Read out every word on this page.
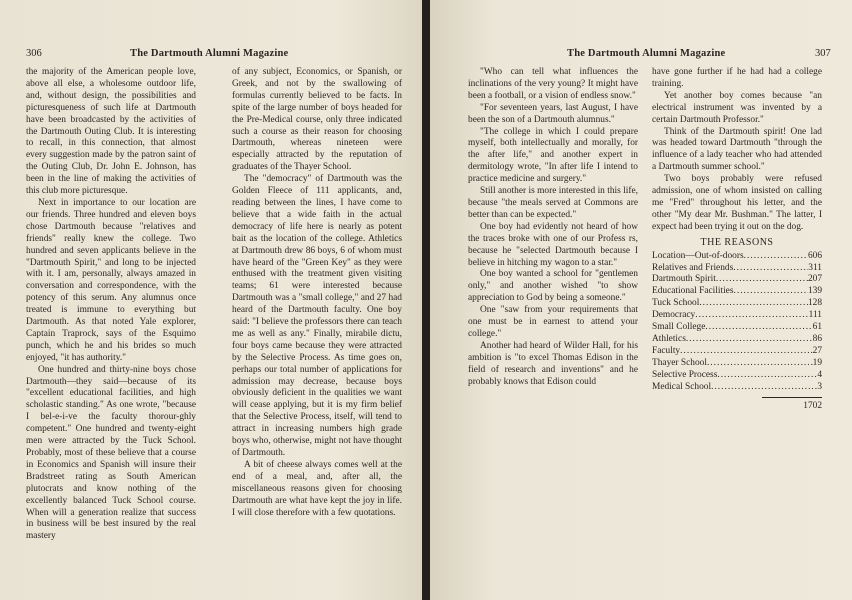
306	The Dartmouth Alumni Magazine

the majority of the American people love, above all else, a wholesome outdoor life, and, without design, the possibilities and picturesqueness of such life at Dartmouth have been broadcasted by the activities of the Dartmouth Outing Club. It is interesting to recall, in this connection, that almost every suggestion made by the patron saint of the Outing Club, Dr. John E. Johnson, has been in the line of making the activities of this club more picturesque.

Next in importance to our location are our friends. Three hundred and eleven boys chose Dartmouth because "relatives and friends" really knew the college. Two hundred and seven applicants believe in the "Dartmouth Spirit," and long to be injected with it. I am, personally, always amazed in conversation and correspondence, with the potency of this serum. Any alumnus once treated is immune to everything but Dartmouth. As that noted Yale explorer, Captain Traprock, says of the Esquimo punch, which he and his brides so much enjoyed, "it has authority."

One hundred and thirty-nine boys chose Dartmouth—they said—because of its "excellent educational facilities, and high scholastic standing." As one wrote, "because I bel-e-i-ve the faculty thorour-ghly competent." One hundred and twenty-eight men were attracted by the Tuck School. Probably, most of these believe that a course in Economics and Spanish will insure their Bradstreet rating as South American plutocrats and know nothing of the excellently balanced Tuck School course. When will a generation realize that success in business will be best insured by the real mastery

of any subject, Economics, or Spanish, or Greek, and not by the swallowing of formulas currently believed to be facts. In spite of the large number of boys headed for the Pre-Medical course, only three indicated such a course as their reason for choosing Dartmouth, whereas nineteen were especially attracted by the reputation of graduates of the Thayer School.

The "democracy" of Dartmouth was the Golden Fleece of 111 applicants, and, reading between the lines, I have come to believe that a wide faith in the actual democracy of life here is nearly as potent bait as the location of the college. Athletics at Dartmouth drew 86 boys, 6 of whom must have heard of the "Green Key" as they were enthused with the treatment given visiting teams; 61 were interested because Dartmouth was a "small college," and 27 had heard of the Dartmouth faculty. One boy said: "I believe the professors there can teach me as well as any." Finally, mirabile dictu, four boys came because they were attracted by the Selective Process. As time goes on, perhaps our total number of applications for admission may decrease, because boys obviously deficient in the qualities we want will cease applying, but it is my firm belief that the Selective Process, itself, will tend to attract in increasing numbers high grade boys who, otherwise, might not have thought of Dartmouth.

A bit of cheese always comes well at the end of a meal, and, after all, the miscellaneous reasons given for choosing Dartmouth are what have kept the joy in life. I will close therefore with a few quotations.

The Dartmouth Alumni Magazine	307

"Who can tell what influences the inclinations of the very young? It might have been a football, or a vision of endless snow."

"For seventeen years, last August, I have been the son of a Dartmouth alumnus."

"The college in which I could prepare myself, both intellectually and morally, for the after life," and another expert in dermitology wrote, "In after life I intend to practice medicine and surgery."

Still another is more interested in this life, because "the meals served at Commons are better than can be expected."

One boy had evidently not heard of how the traces broke with one of our Profess rs, because he "selected Dartmouth because I believe in hitching my wagon to a star."

One boy wanted a school for "gentlemen only," and another wished "to show appreciation to God by being a someone."

One "saw from your requirements that one must be in earnest to attend your college."

Another had heard of Wilder Hall, for his ambition is "to excel Thomas Edison in the field of research and inventions" and he probably knows that Edison could

have gone further if he had had a college training.

Yet another boy comes because "an electrical instrument was invented by a certain Dartmouth Professor."

Think of the Dartmouth spirit! One lad was headed toward Dartmouth "through the influence of a lady teacher who had attended a Dartmouth summer school."

Two boys probably were refused admission, one of whom insisted on calling me "Fred" throughout his letter, and the other "My dear Mr. Bushman." The latter, I expect had been trying it out on the dog.

THE REASONS
Location—Out-of-doors .....	606
Relatives and Friends .....	311
Dartmouth Spirit .....	207
Educational Facilities .....	139
Tuck School .....	128
Democracy .....	111
Small College .....	61
Athletics .....	86
Faculty .....	27
Thayer School .....	19
Selective Process .....	4
Medical School .....	3
1702
